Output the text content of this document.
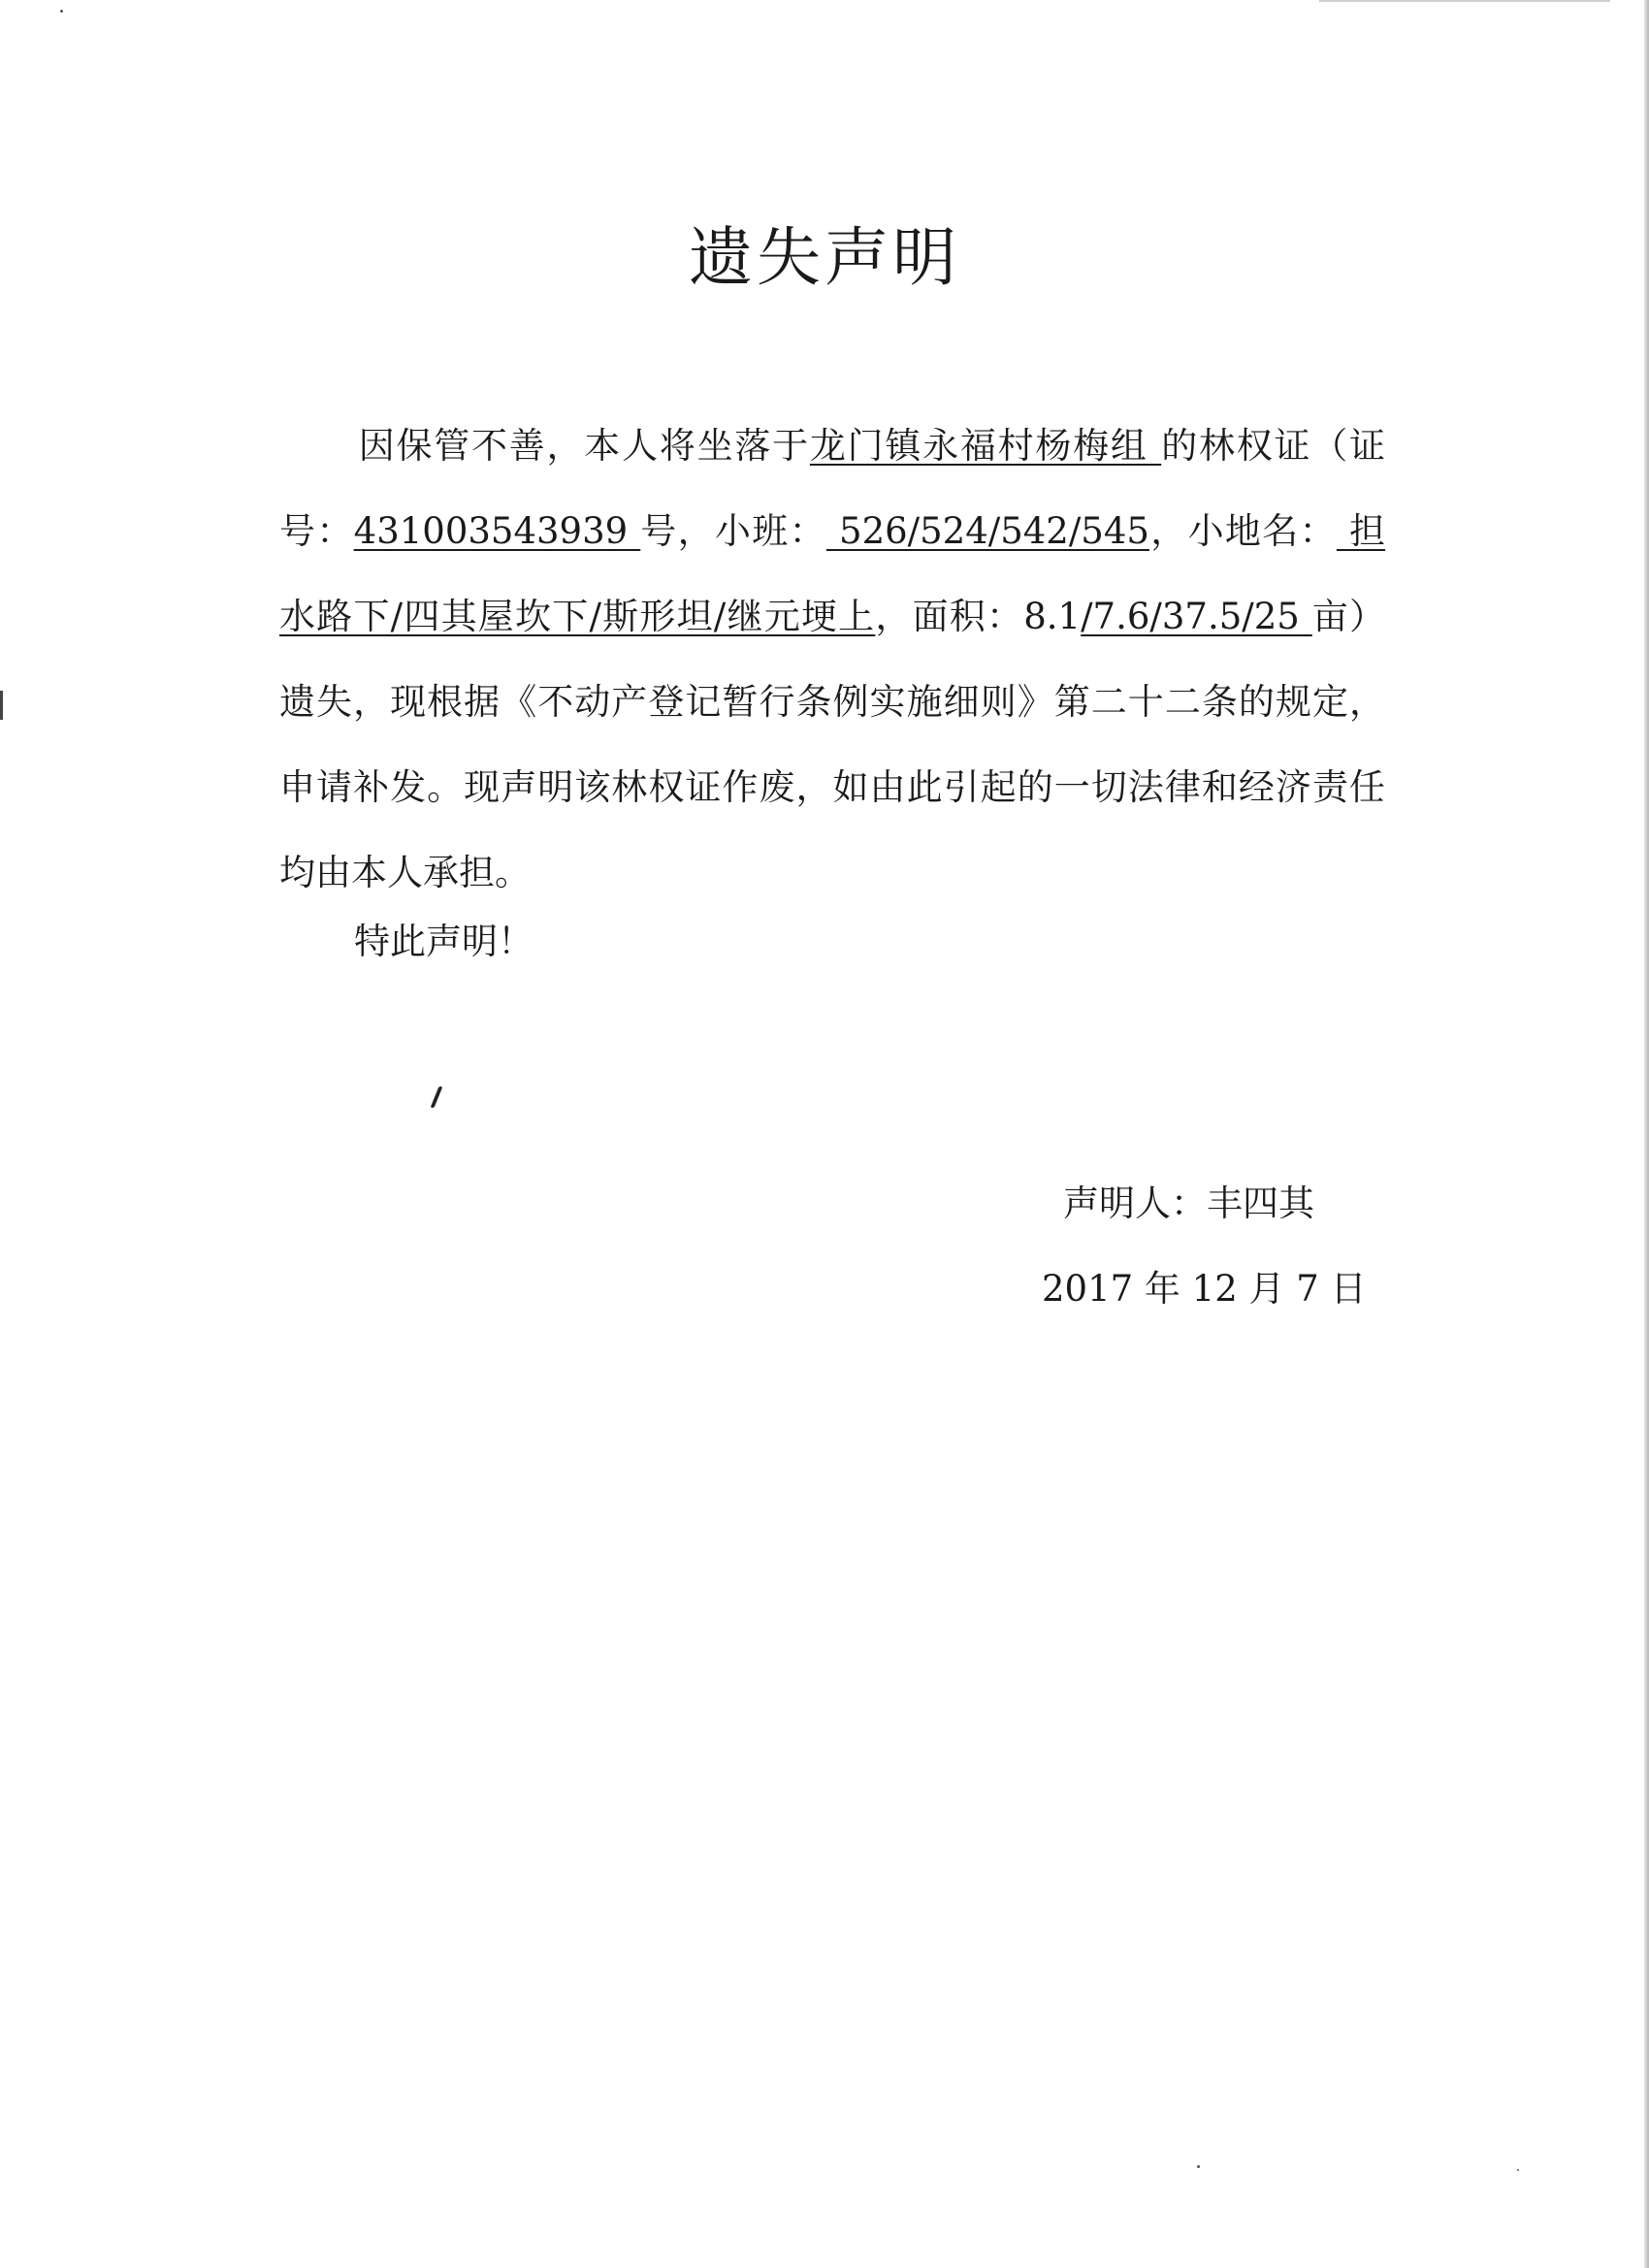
遗失声明

因保管不善，本人将坐落于龙门镇永福村杨梅组 的林权证（证号：431003543939 号，小班： 526/524/542/545，小地名： 担水路下/四其屋坎下/斯形坦/继元埂上，面积：8.1/7.6/37.5/25 亩）遗失，现根据《不动产登记暂行条例实施细则》第二十二条的规定，申请补发。现声明该林权证作废，如由此引起的一切法律和经济责任均由本人承担。

特此声明！

声明人：丰四其

2017 年 12 月 7 日
